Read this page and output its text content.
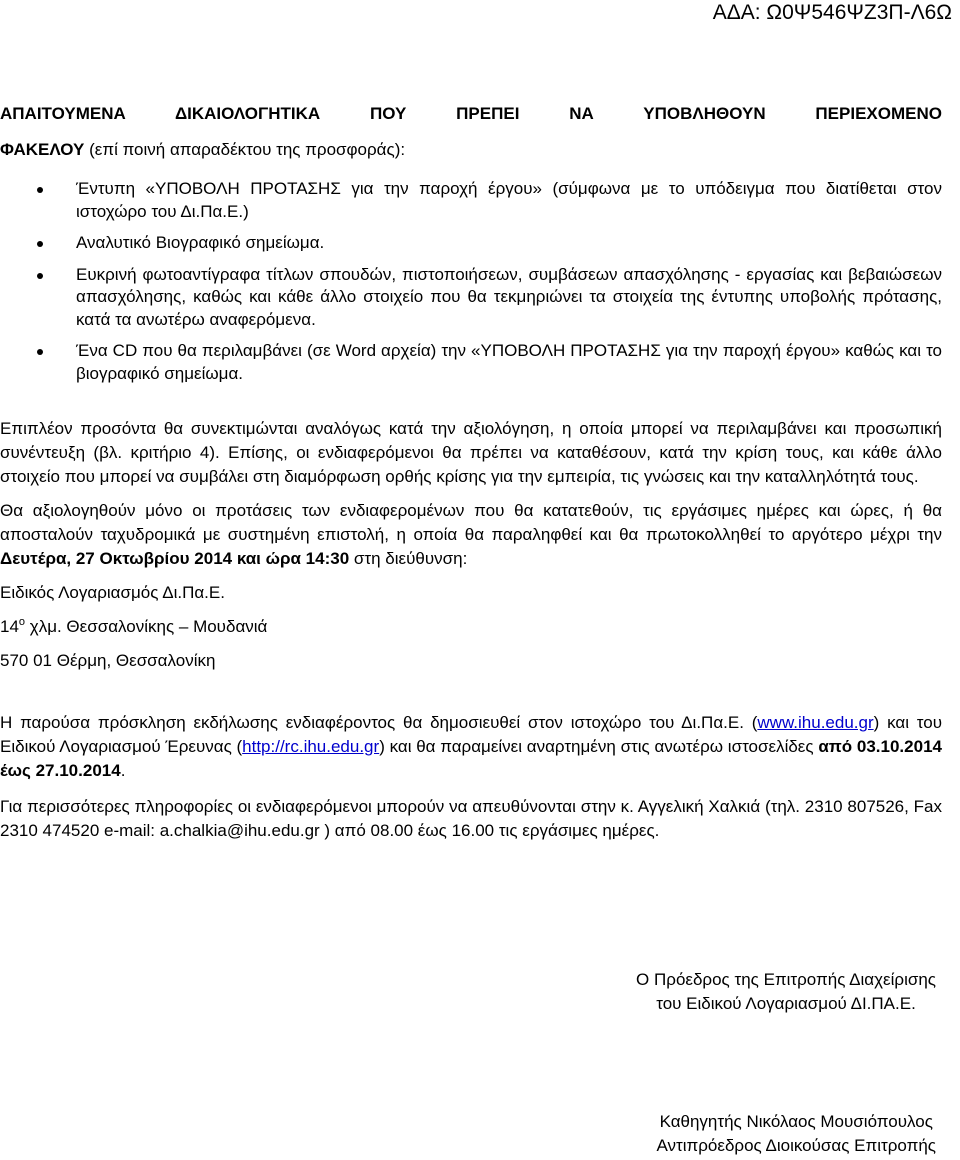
ΑΔΑ: Ω0Ψ546ΨΖ3Π-Λ6Ω
ΑΠΑΙΤΟΥΜΕΝΑ ΔΙΚΑΙΟΛΟΓΗΤΙΚΑ ΠΟΥ ΠΡΕΠΕΙ ΝΑ ΥΠΟΒΛΗΘΟΥΝ ΠΕΡΙΕΧΟΜΕΝΟ
ΦΑΚΕΛΟΥ (επί ποινή απαραδέκτου της προσφοράς):
Έντυπη «ΥΠΟΒΟΛΗ ΠΡΟΤΑΣΗΣ για την παροχή έργου» (σύμφωνα με το υπόδειγμα που διατίθεται στον ιστοχώρο του Δι.Πα.Ε.)
Αναλυτικό Βιογραφικό σημείωμα.
Ευκρινή φωτοαντίγραφα τίτλων σπουδών, πιστοποιήσεων, συμβάσεων απασχόλησης - εργασίας και βεβαιώσεων απασχόλησης, καθώς και κάθε άλλο στοιχείο που θα τεκμηριώνει τα στοιχεία της έντυπης υποβολής πρότασης, κατά τα ανωτέρω αναφερόμενα.
Ένα CD που θα περιλαμβάνει (σε Word αρχεία) την «ΥΠΟΒΟΛΗ ΠΡΟΤΑΣΗΣ για την παροχή έργου» καθώς και το βιογραφικό σημείωμα.

Επιπλέον προσόντα θα συνεκτιμώνται αναλόγως κατά την αξιολόγηση, η οποία μπορεί να περιλαμβάνει και προσωπική συνέντευξη (βλ. κριτήριο 4). Επίσης, οι ενδιαφερόμενοι θα πρέπει να καταθέσουν, κατά την κρίση τους, και κάθε άλλο στοιχείο που μπορεί να συμβάλει στη διαμόρφωση ορθής κρίσης για την εμπειρία, τις γνώσεις και την καταλληλότητά τους.

Θα αξιολογηθούν μόνο οι προτάσεις των ενδιαφερομένων που θα κατατεθούν, τις εργάσιμες ημέρες και ώρες, ή θα αποσταλούν ταχυδρομικά με συστημένη επιστολή, η οποία θα παραληφθεί και θα πρωτοκολληθεί το αργότερο μέχρι την Δευτέρα, 27 Οκτωβρίου 2014 και ώρα 14:30 στη διεύθυνση:

Ειδικός Λογαριασμός Δι.Πα.Ε.
$14^o$ χλμ. Θεσσαλονίκης – Μουδανιά
570 01 Θέρμη, Θεσσαλονίκη

Η παρούσα πρόσκληση εκδήλωσης ενδιαφέροντος θα δημοσιευθεί στον ιστοχώρο του Δι.Πα.Ε. (www.ihu.edu.gr) και του Ειδικού Λογαριασμού Έρευνας (http://rc.ihu.edu.gr) και θα παραμείνει αναρτημένη στις ανωτέρω ιστοσελίδες από 03.10.2014 έως 27.10.2014.

Για περισσότερες πληροφορίες οι ενδιαφερόμενοι μπορούν να απευθύνονται στην κ. Αγγελική Χαλκιά (τηλ. 2310 807526, Fax 2310 474520 e-mail: a.chalkia@ihu.edu.gr ) από 08.00 έως 16.00 τις εργάσιμες ημέρες.

Ο Πρόεδρος της Επιτροπής Διαχείρισης
του Ειδικού Λογαριασμού ΔΙ.ΠΑ.Ε.
Καθηγητής Νικόλαος Μουσιόπουλος
Αντιπρόεδρος Διοικούσας Επιτροπής
